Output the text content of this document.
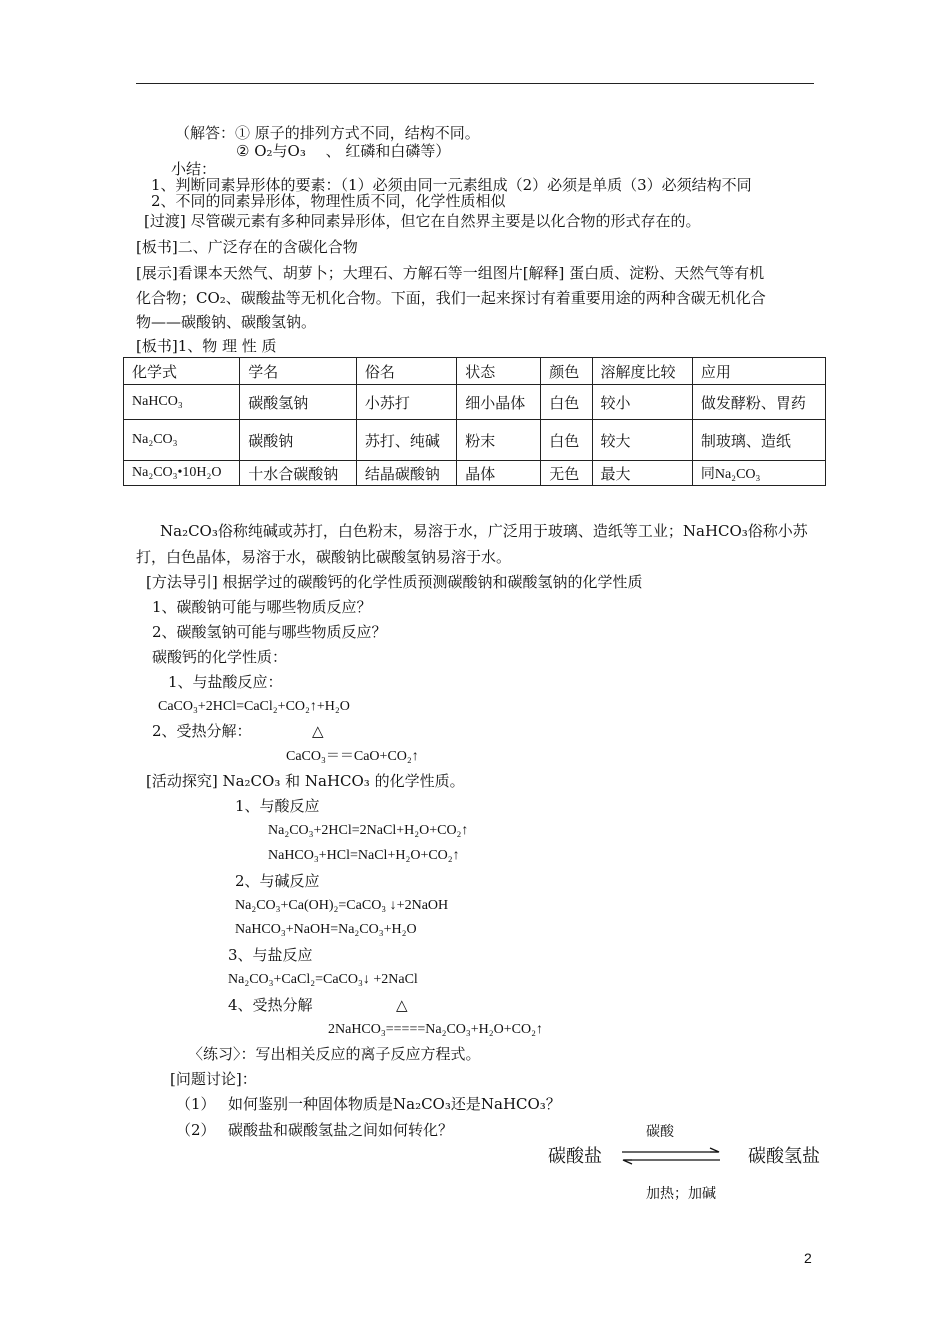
（解答：① 原子的排列方式不同，结构不同。
② O₂与O₃　 、 红磷和白磷等）
小结：
1、判断同素异形体的要素：（1）必须由同一元素组成（2）必须是单质（3）必须结构不同
2、不同的同素异形体，物理性质不同，化学性质相似
[过渡] 尽管碳元素有多种同素异形体，但它在自然界主要是以化合物的形式存在的。
[板书]二、广泛存在的含碳化合物
[展示]看课本天然气、胡萝卜；大理石、方解石等一组图片[解释] 蛋白质、淀粉、天然气等有机
化合物；CO₂、碳酸盐等无机化合物。下面，我们一起来探讨有着重要用途的两种含碳无机化合
物——碳酸钠、碳酸氢钠。
[板书]1、物 理 性 质
化学式	学名	俗名	状态	颜色	溶解度比较	应用
NaHCO₃	碳酸氢钠	小苏打	细小晶体	白色	较小	做发酵粉、胃药
Na₂CO₃	碳酸钠	苏打、纯碱	粉末	白色	较大	制玻璃、造纸
Na₂CO₃•10H₂O	十水合碳酸钠	结晶碳酸钠	晶体	无色	最大	同Na₂CO₃
Na₂CO₃俗称纯碱或苏打，白色粉末，易溶于水，广泛用于玻璃、造纸等工业；NaHCO₃俗称小苏
打，白色晶体，易溶于水，碳酸钠比碳酸氢钠易溶于水。
[方法导引] 根据学过的碳酸钙的化学性质预测碳酸钠和碳酸氢钠的化学性质
1、碳酸钠可能与哪些物质反应？
2、碳酸氢钠可能与哪些物质反应？
碳酸钙的化学性质：
1、与盐酸反应：
CaCO₃+2HCl=CaCl₂+CO₂↑+H₂O
2、受热分解：	△
CaCO₃＝＝CaO+CO₂↑
[活动探究] Na₂CO₃ 和 NaHCO₃ 的化学性质。
1、与酸反应
Na₂CO₃+2HCl=2NaCl+H₂O+CO₂↑
NaHCO₃+HCl=NaCl+H₂O+CO₂↑
2、与碱反应
Na₂CO₃+Ca(OH)₂=CaCO₃ ↓+2NaOH
NaHCO₃+NaOH=Na₂CO₃+H₂O
3、与盐反应
Na₂CO₃+CaCl₂=CaCO₃↓ +2NaCl
4、受热分解	△
2NaHCO₃=====Na₂CO₃+H₂O+CO₂↑
〈练习〉：写出相关反应的离子反应方程式。
[问题讨论]：
（1） 如何鉴别一种固体物质是Na₂CO₃还是NaHCO₃？
（2） 碳酸盐和碳酸氢盐之间如何转化？	碳酸
碳酸盐	碳酸氢盐
加热；加碱
2
